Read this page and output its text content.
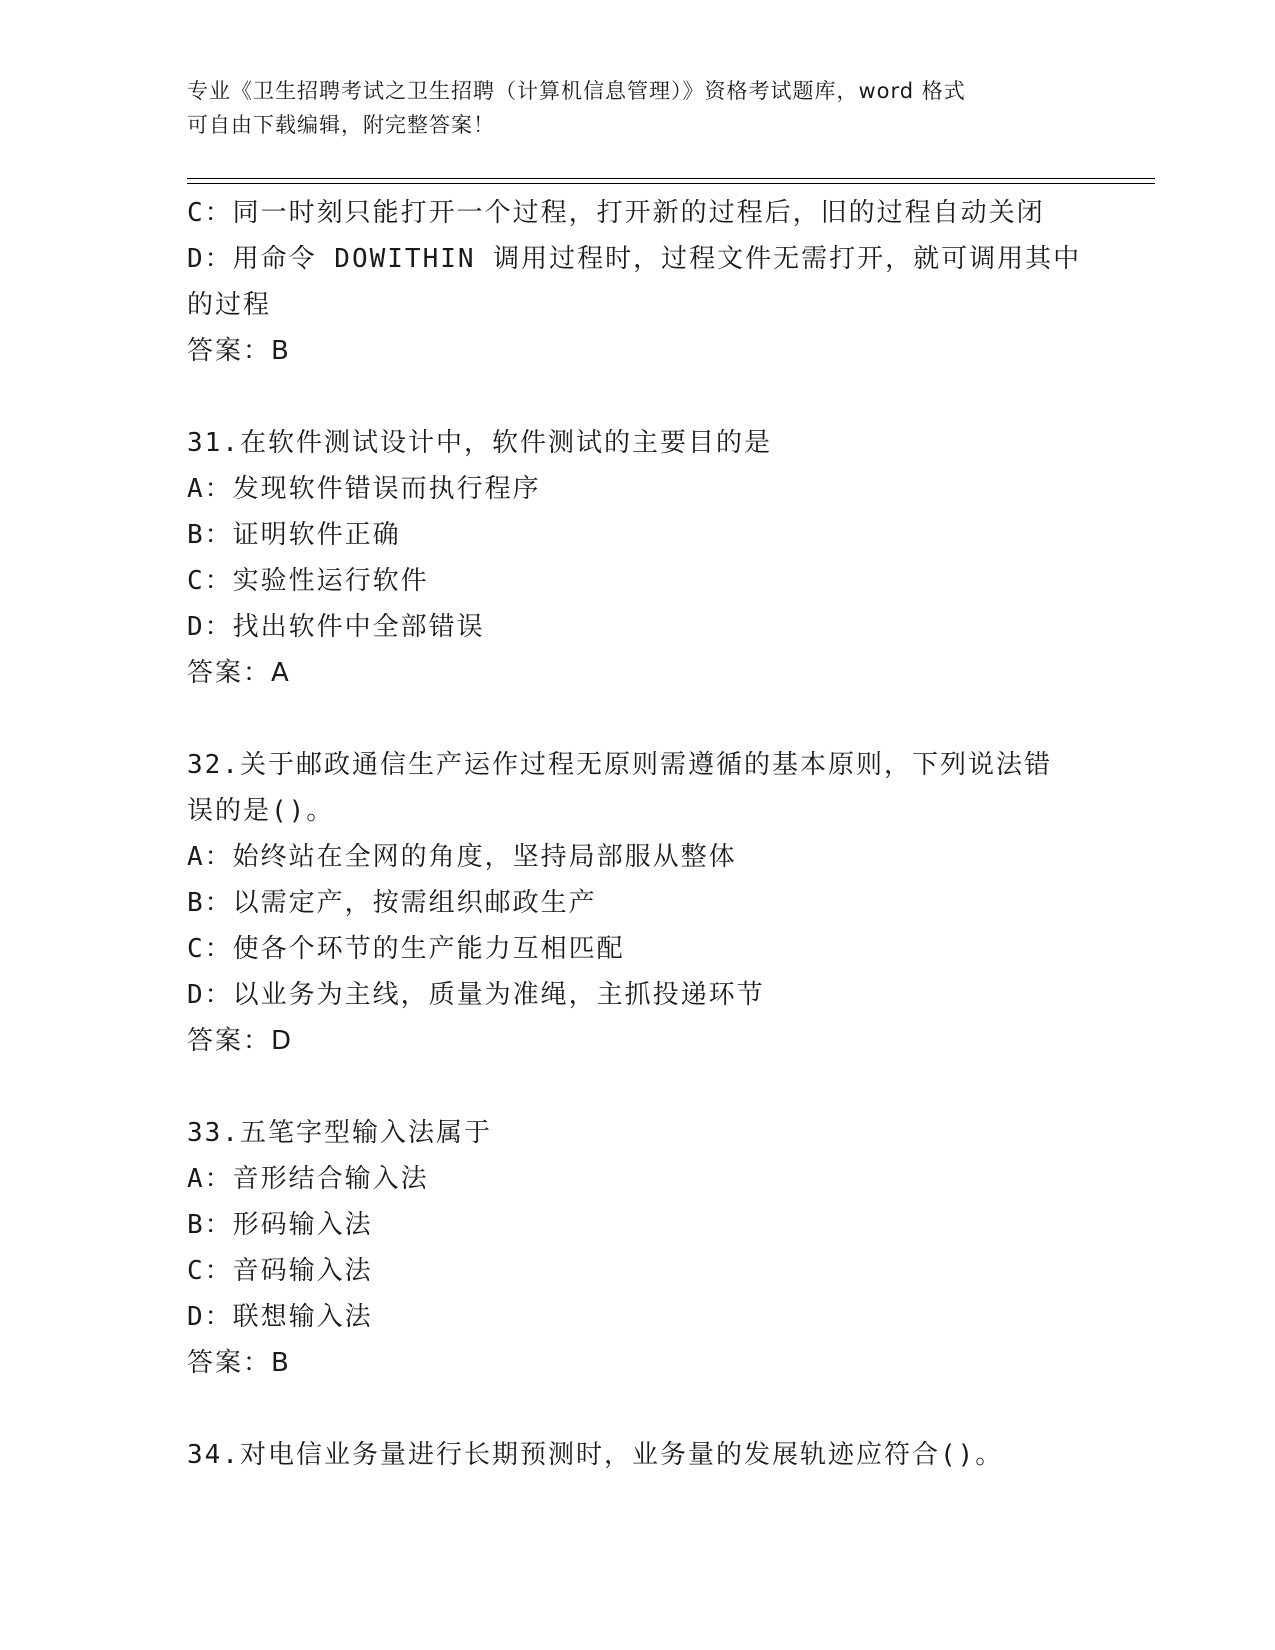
专业《卫生招聘考试之卫生招聘（计算机信息管理）》资格考试题库，word 格式
可自由下载编辑，附完整答案！
C：同一时刻只能打开一个过程，打开新的过程后，旧的过程自动关闭
D：用命令 DOWITHIN 调用过程时，过程文件无需打开，就可调用其中
的过程
答案：B
31.在软件测试设计中，软件测试的主要目的是
A：发现软件错误而执行程序
B：证明软件正确
C：实验性运行软件
D：找出软件中全部错误
答案：A
32.关于邮政通信生产运作过程无原则需遵循的基本原则，下列说法错
误的是()。
A：始终站在全网的角度，坚持局部服从整体
B：以需定产，按需组织邮政生产
C：使各个环节的生产能力互相匹配
D：以业务为主线，质量为准绳，主抓投递环节
答案：D
33.五笔字型输入法属于
A：音形结合输入法
B：形码输入法
C：音码输入法
D：联想输入法
答案：B
34.对电信业务量进行长期预测时，业务量的发展轨迹应符合()。
